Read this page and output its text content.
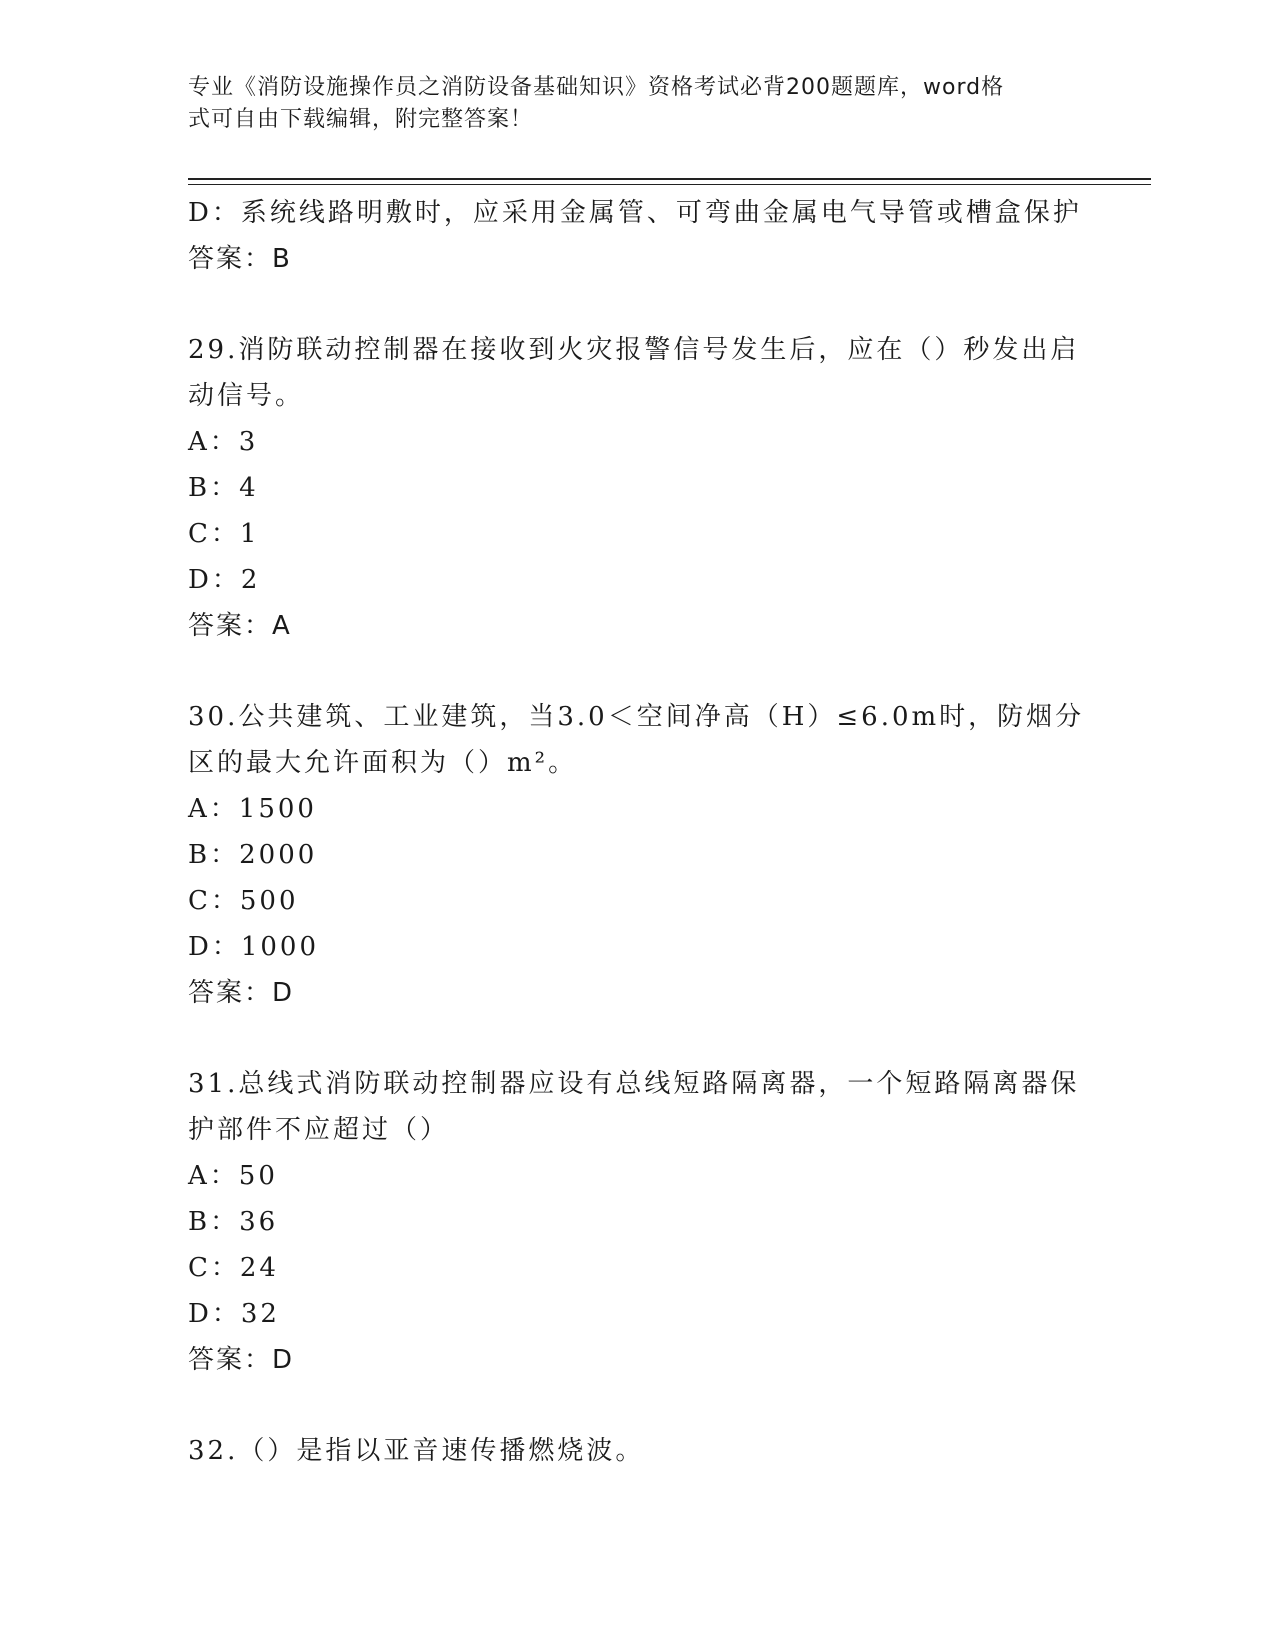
专业《消防设施操作员之消防设备基础知识》资格考试必背200题题库，word格
式可自由下载编辑，附完整答案！
D：系统线路明敷时，应采用金属管、可弯曲金属电气导管或槽盒保护
答案：B
29.消防联动控制器在接收到火灾报警信号发生后，应在（）秒发出启
动信号。
A：3
B：4
C：1
D：2
答案：A
30.公共建筑、工业建筑，当3.0＜空间净高（H）≤6.0m时，防烟分
区的最大允许面积为（）m²。
A：1500
B：2000
C：500
D：1000
答案：D
31.总线式消防联动控制器应设有总线短路隔离器，一个短路隔离器保
护部件不应超过（）
A：50
B：36
C：24
D：32
答案：D
32.（）是指以亚音速传播燃烧波。
